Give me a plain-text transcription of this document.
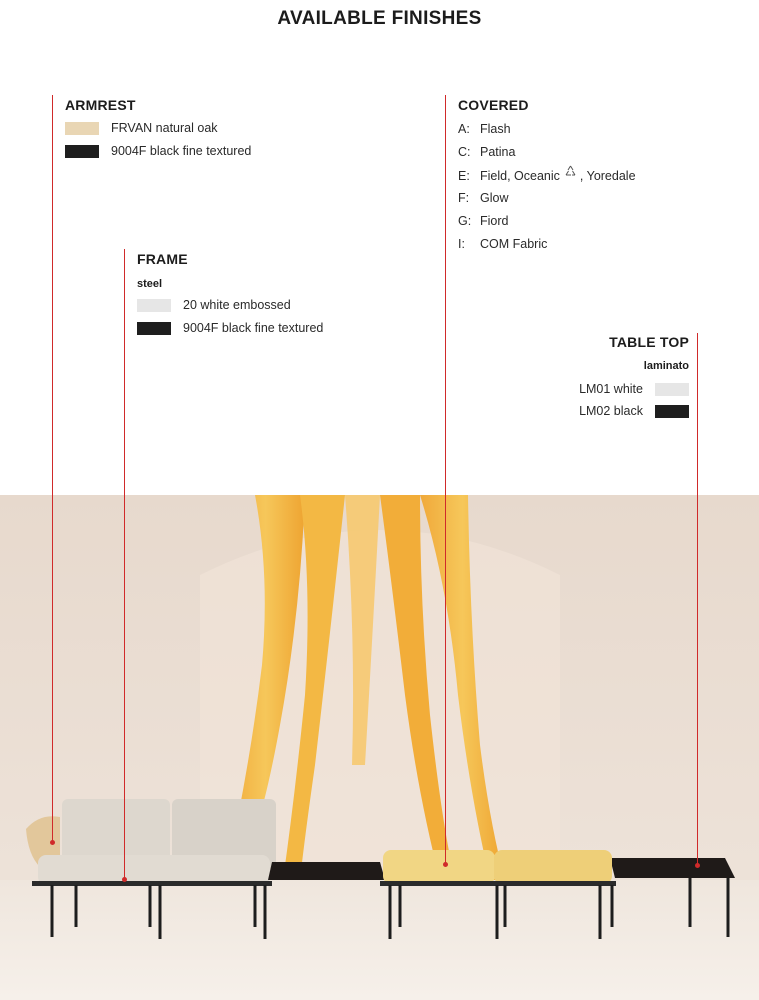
AVAILABLE FINISHES
ARMREST
FRVAN natural oak
9004F black fine textured
FRAME
steel
20 white embossed
9004F black fine textured
COVERED
A: Flash
C: Patina
E: Field, Oceanic , Yoredale
F: Glow
G: Fiord
I:	COM Fabric
TABLE TOP
laminato
LM01 white
LM02 black
